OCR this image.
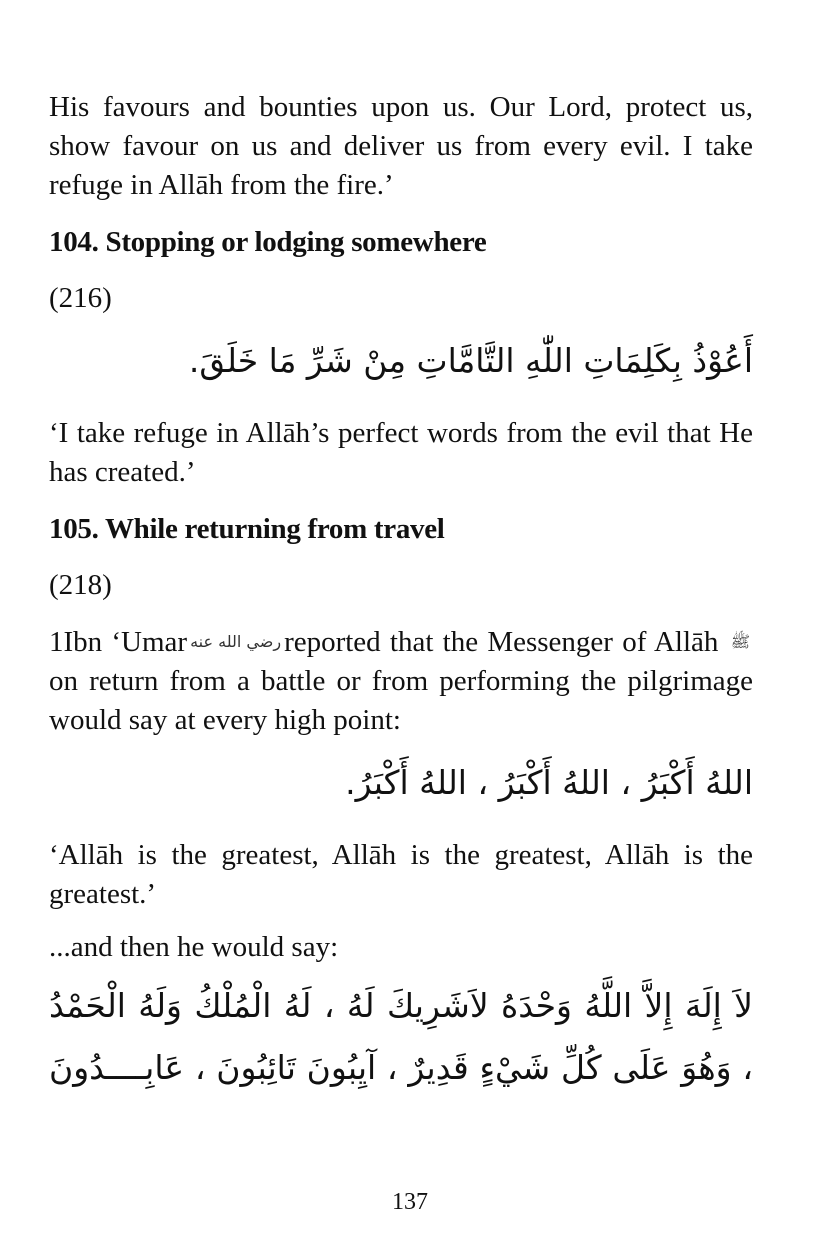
His favours and bounties upon us. Our Lord, protect us, show favour on us and deliver us from every evil. I take refuge in Allāh from the fire.’

104. Stopping or lodging somewhere

(216)

أَعُوْذُ بِكَلِمَاتِ اللّٰهِ التَّامَّاتِ مِنْ شَرِّ مَا خَلَقَ.

‘I take refuge in Allāh’s perfect words from the evil that He has created.’

105. While returning from travel

(218)

1Ibn ‘Umar رضي الله عنه reported that the Messenger of Allāh ﷺ on return from a battle or from performing the pilgrimage would say at every high point:

اللهُ أَكْبَرُ ، اللهُ أَكْبَرُ ، اللهُ أَكْبَرُ.

‘Allāh is the greatest, Allāh is the greatest, Allāh is the greatest.’

...and then he would say:

لاَ إِلَهَ إِلاَّ اللَّهُ وَحْدَهُ لاَشَرِيكَ لَهُ ، لَهُ الْمُلْكُ وَلَهُ الْحَمْدُ

، وَهُوَ عَلَى كُلِّ شَيْءٍ قَدِيرٌ ، آيِبُونَ تَائِبُونَ ، عَابِــــدُونَ

137
